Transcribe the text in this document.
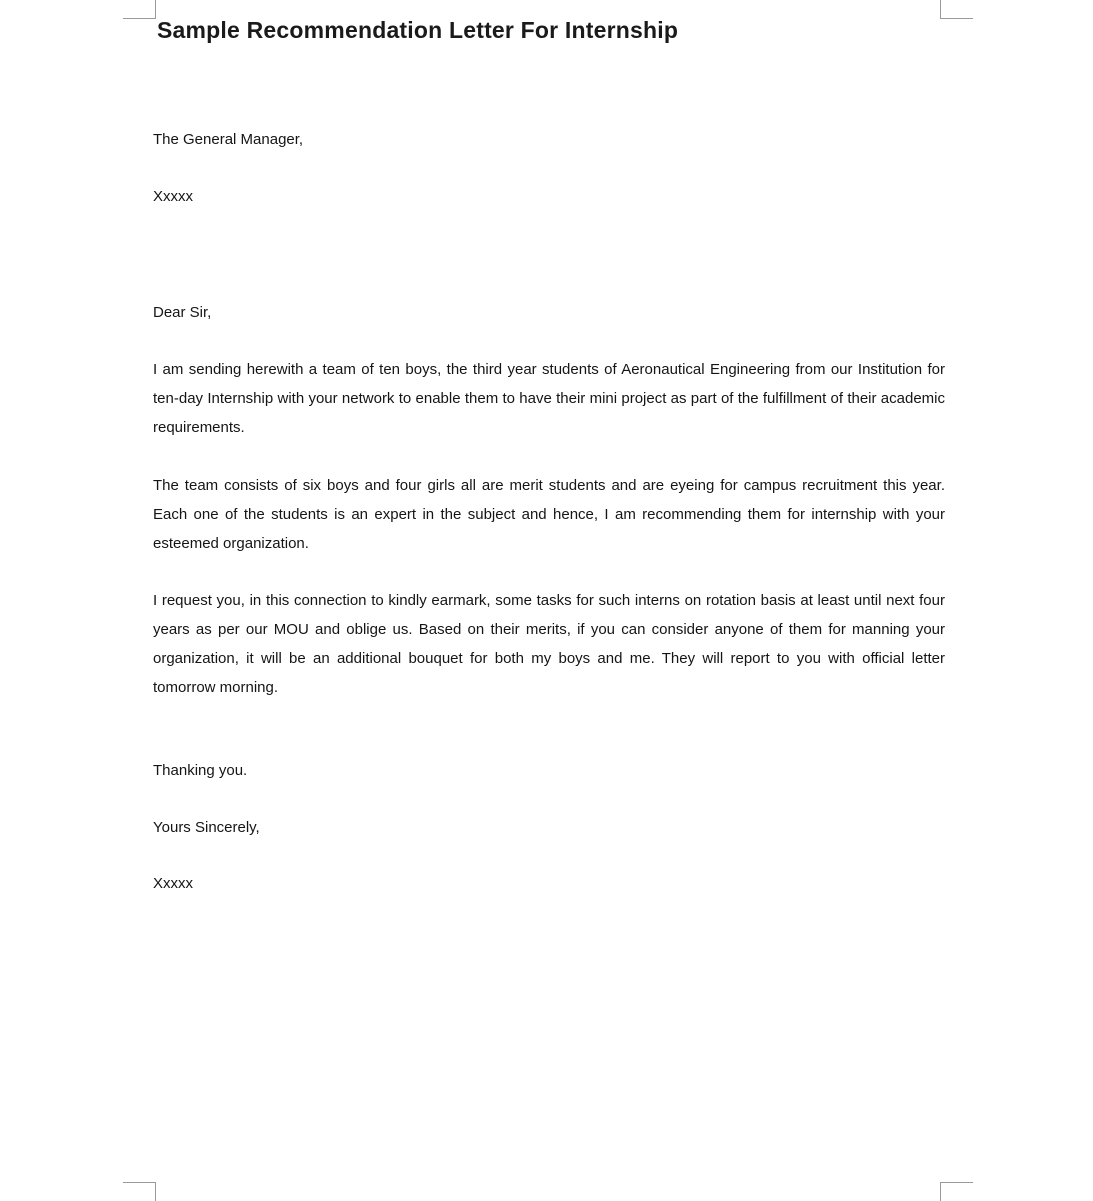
Sample Recommendation Letter For Internship

The General Manager,

Xxxxx

Dear Sir,

I am sending herewith a team of ten boys, the third year students of Aeronautical Engineering from our Institution for ten-day Internship with your network to enable them to have their mini project as part of the fulfillment of their academic requirements.

The team consists of six boys and four girls all are merit students and are eyeing for campus recruitment this year. Each one of the students is an expert in the subject and hence, I am recommending them for internship with your esteemed organization.

I request you, in this connection to kindly earmark, some tasks for such interns on rotation basis at least until next four years as per our MOU and oblige us. Based on their merits, if you can consider anyone of them for manning your organization, it will be an additional bouquet for both my boys and me. They will report to you with official letter tomorrow morning.

Thanking you.

Yours Sincerely,

Xxxxx
